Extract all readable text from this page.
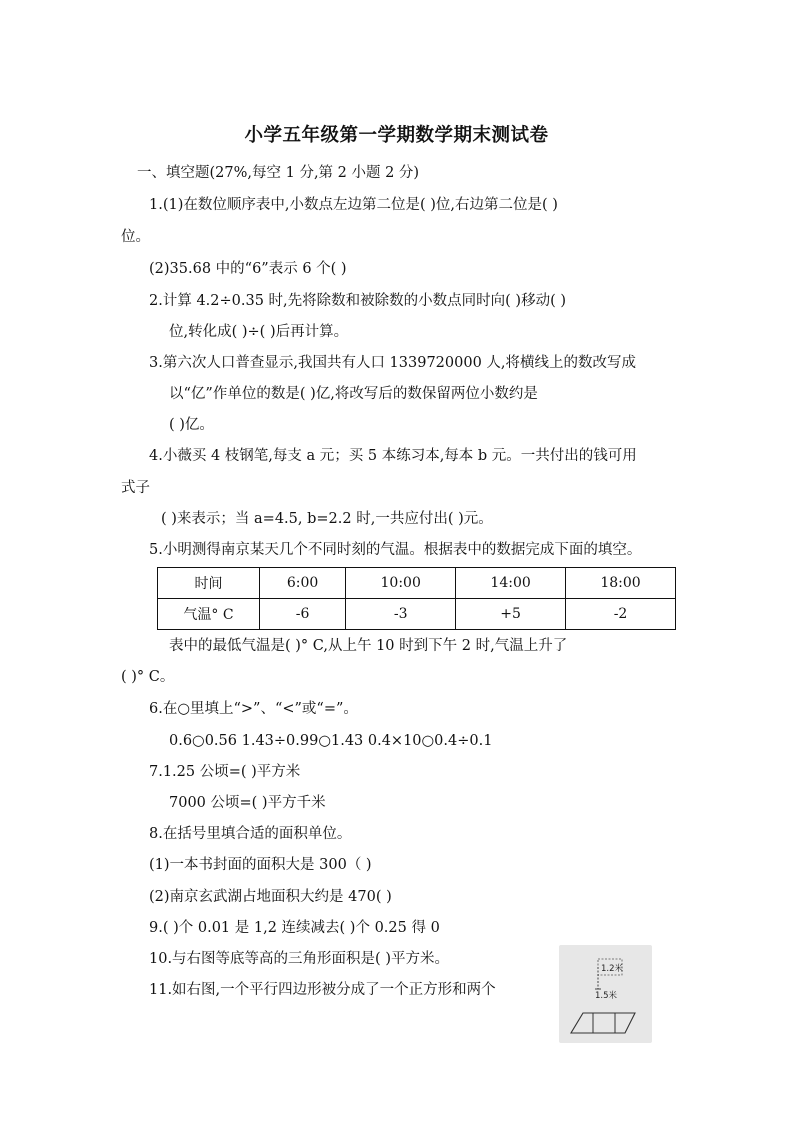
小学五年级第一学期数学期末测试卷
一、填空题(27%,每空 1 分,第 2 小题 2 分)
1.(1)在数位顺序表中,小数点左边第二位是( )位,右边第二位是( )
位。
(2)35.68 中的“6”表示 6 个( )
2.计算 4.2÷0.35 时,先将除数和被除数的小数点同时向( )移动( )
位,转化成( )÷( )后再计算。
3.第六次人口普查显示,我国共有人口 1339720000 人,将横线上的数改写成
以“亿”作单位的数是( )亿,将改写后的数保留两位小数约是
( )亿。
4.小薇买 4 枝钢笔,每支 a 元；买 5 本练习本,每本 b 元。一共付出的钱可用
式子
( )来表示；当 a=4.5, b=2.2 时,一共应付出( )元。
5.小明测得南京某天几个不同时刻的气温。根据表中的数据完成下面的填空。
时间	6:00	10:00	14:00	18:00
气温° C	-6	-3	+5	-2
表中的最低气温是( )° C,从上午 10 时到下午 2 时,气温上升了
( )° C。
6.在○里填上“>”、“<”或“=”。
0.6○0.56 1.43÷0.99○1.43 0.4×10○0.4÷0.1
7.1.25 公顷=( )平方米
7000 公顷=( )平方千米
8.在括号里填合适的面积单位。
(1)一本书封面的面积大是 300（ )
(2)南京玄武湖占地面积大约是 470( )
9.( )个 0.01 是 1,2 连续减去( )个 0.25 得 0
10.与右图等底等高的三角形面积是( )平方米。
11.如右图,一个平行四边形被分成了一个正方形和两个
1.2米
1.5米
